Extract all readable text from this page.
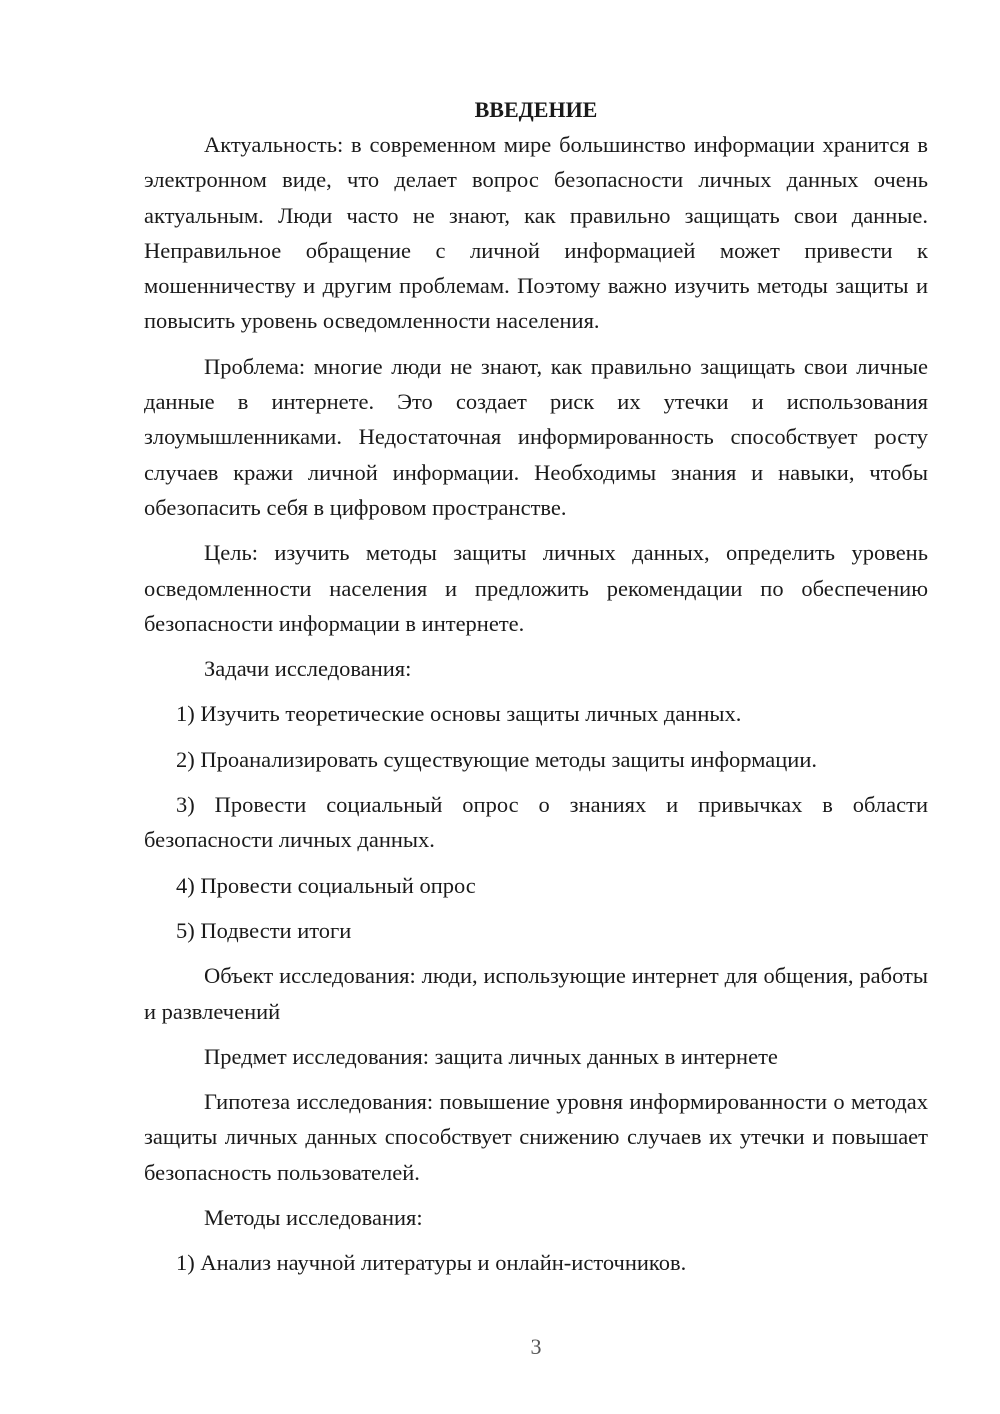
ВВЕДЕНИЕ

Актуальность: в современном мире большинство информации хранится в электронном виде, что делает вопрос безопасности личных данных очень актуальным. Люди часто не знают, как правильно защищать свои данные. Неправильное обращение с личной информацией может привести к мошенничеству и другим проблемам. Поэтому важно изучить методы защиты и повысить уровень осведомленности населения.

Проблема: многие люди не знают, как правильно защищать свои личные данные в интернете. Это создает риск их утечки и использования злоумышленниками. Недостаточная информированность способствует росту случаев кражи личной информации. Необходимы знания и навыки, чтобы обезопасить себя в цифровом пространстве.

Цель: изучить методы защиты личных данных, определить уровень осведомленности населения и предложить рекомендации по обеспечению безопасности информации в интернете.

Задачи исследования:

1) Изучить теоретические основы защиты личных данных.

2) Проанализировать существующие методы защиты информации.

3) Провести социальный опрос о знаниях и привычках в области безопасности личных данных.

4) Провести социальный опрос

5) Подвести итоги

Объект исследования: люди, использующие интернет для общения, работы и развлечений

Предмет исследования: защита личных данных в интернете

Гипотеза исследования: повышение уровня информированности о методах защиты личных данных способствует снижению случаев их утечки и повышает безопасность пользователей.

Методы исследования:

1) Анализ научной литературы и онлайн-источников.

3
